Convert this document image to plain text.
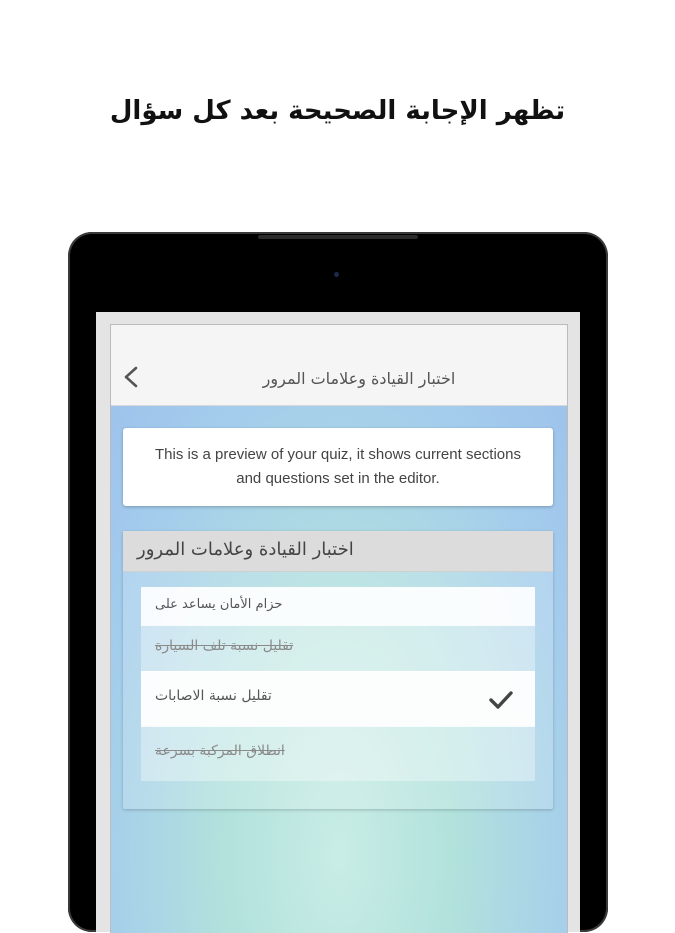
تظهر الإجابة الصحيحة بعد كل سؤال
اختبار القيادة وعلامات المرور
This is a preview of your quiz, it shows current sections and questions set in the editor.
اختبار القيادة وعلامات المرور
حزام الأمان يساعد على
تقليل نسبة تلف السيارة
تقليل نسبة الاصابات
انطلاق المركبة بسرعة
